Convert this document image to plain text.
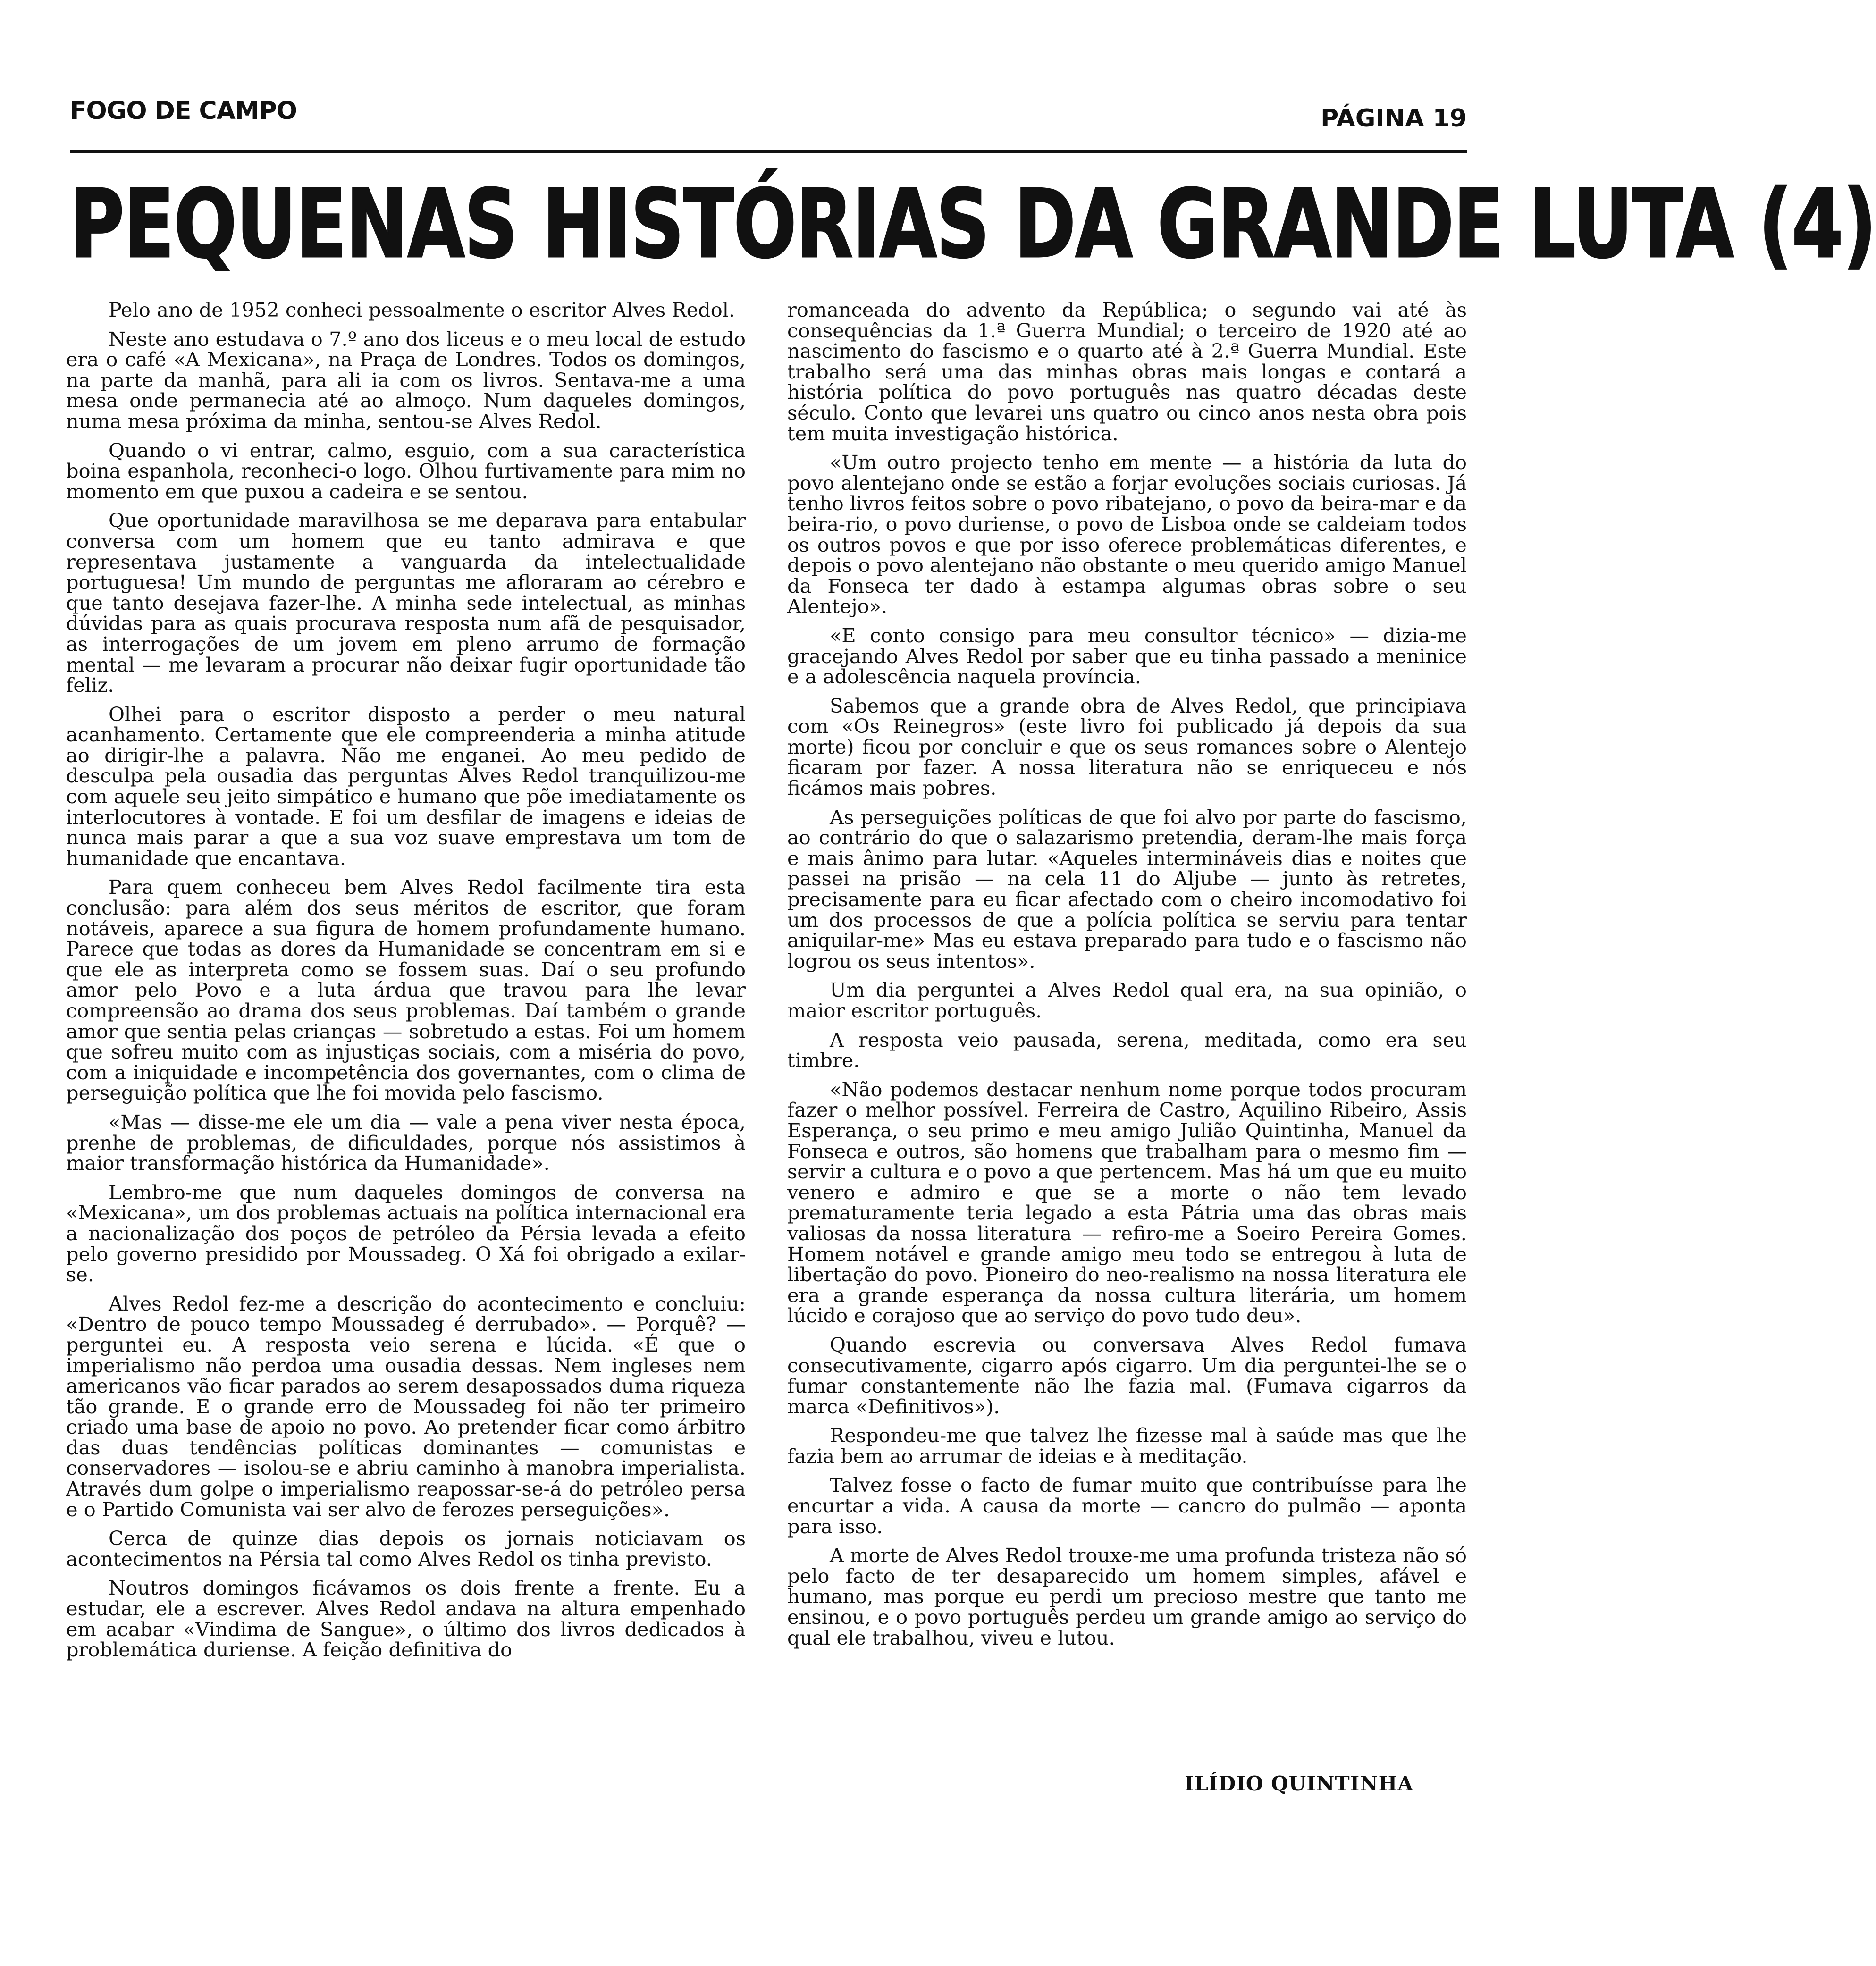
FOGO DE CAMPO	PÁGINA 19
PEQUENAS HISTÓRIAS DA GRANDE LUTA (4)

Pelo ano de 1952 conheci pessoalmente o escritor Alves Redol.

Neste ano estudava o 7.º ano dos liceus e o meu local de estudo era o café «A Mexicana», na Praça de Londres. Todos os domingos, na parte da manhã, para ali ia com os livros. Sentava-me a uma mesa onde permanecia até ao almoço. Num daqueles domingos, numa mesa próxima da minha, sentou-se Alves Redol.

Quando o vi entrar, calmo, esguio, com a sua característica boina espanhola, reconheci-o logo. Olhou furtivamente para mim no momento em que puxou a cadeira e se sentou.

Que oportunidade maravilhosa se me deparava para entabular conversa com um homem que eu tanto admirava e que representava justamente a vanguarda da intelectualidade portuguesa! Um mundo de perguntas me afloraram ao cérebro e que tanto desejava fazer-lhe. A minha sede intelectual, as minhas dúvidas para as quais procurava resposta num afã de pesquisador, as interrogações de um jovem em pleno arrumo de formação mental — me levaram a procurar não deixar fugir oportunidade tão feliz.

Olhei para o escritor disposto a perder o meu natural acanhamento. Certamente que ele compreenderia a minha atitude ao dirigir-lhe a palavra. Não me enganei. Ao meu pedido de desculpa pela ousadia das perguntas Alves Redol tranquilizou-me com aquele seu jeito simpático e humano que põe imediatamente os interlocutores à vontade. E foi um desfilar de imagens e ideias de nunca mais parar a que a sua voz suave emprestava um tom de humanidade que encantava.

Para quem conheceu bem Alves Redol facilmente tira esta conclusão: para além dos seus méritos de escritor, que foram notáveis, aparece a sua figura de homem profundamente humano. Parece que todas as dores da Humanidade se concentram em si e que ele as interpreta como se fossem suas. Daí o seu profundo amor pelo Povo e a luta árdua que travou para lhe levar compreensão ao drama dos seus problemas. Daí também o grande amor que sentia pelas crianças — sobretudo a estas. Foi um homem que sofreu muito com as injustiças sociais, com a miséria do povo, com a iniquidade e incompetência dos governantes, com o clima de perseguição política que lhe foi movida pelo fascismo.

«Mas — disse-me ele um dia — vale a pena viver nesta época, prenhe de problemas, de dificuldades, porque nós assistimos à maior transformação histórica da Humanidade».

Lembro-me que num daqueles domingos de conversa na «Mexicana», um dos problemas actuais na política internacional era a nacionalização dos poços de petróleo da Pérsia levada a efeito pelo governo presidido por Moussadeg. O Xá foi obrigado a exilar-se.

Alves Redol fez-me a descrição do acontecimento e concluiu: «Dentro de pouco tempo Moussadeg é derrubado». — Porquê? — perguntei eu. A resposta veio serena e lúcida. «É que o imperialismo não perdoa uma ousadia dessas. Nem ingleses nem americanos vão ficar parados ao serem desapossados duma riqueza tão grande. E o grande erro de Moussadeg foi não ter primeiro criado uma base de apoio no povo. Ao pretender ficar como árbitro das duas tendências políticas dominantes — comunistas e conservadores — isolou-se e abriu caminho à manobra imperialista. Através dum golpe o imperialismo reapossar-se-á do petróleo persa e o Partido Comunista vai ser alvo de ferozes perseguições».

Cerca de quinze dias depois os jornais noticiavam os acontecimentos na Pérsia tal como Alves Redol os tinha previsto.

Noutros domingos ficávamos os dois frente a frente. Eu a estudar, ele a escrever. Alves Redol andava na altura empenhado em acabar «Vindima de Sangue», o último dos livros dedicados à problemática duriense. A feição definitiva do

romanceada do advento da República; o segundo vai até às consequências da 1.ª Guerra Mundial; o terceiro de 1920 até ao nascimento do fascismo e o quarto até à 2.ª Guerra Mundial. Este trabalho será uma das minhas obras mais longas e contará a história política do povo português nas quatro décadas deste século. Conto que levarei uns quatro ou cinco anos nesta obra pois tem muita investigação histórica.

«Um outro projecto tenho em mente — a história da luta do povo alentejano onde se estão a forjar evoluções sociais curiosas. Já tenho livros feitos sobre o povo ribatejano, o povo da beira-mar e da beira-rio, o povo duriense, o povo de Lisboa onde se caldeiam todos os outros povos e que por isso oferece problemáticas diferentes, e depois o povo alentejano não obstante o meu querido amigo Manuel da Fonseca ter dado à estampa algumas obras sobre o seu Alentejo».

«E conto consigo para meu consultor técnico» — dizia-me gracejando Alves Redol por saber que eu tinha passado a meninice e a adolescência naquela província.

Sabemos que a grande obra de Alves Redol, que principiava com «Os Reinegros» (este livro foi publicado já depois da sua morte) ficou por concluir e que os seus romances sobre o Alentejo ficaram por fazer. A nossa literatura não se enriqueceu e nós ficámos mais pobres.

As perseguições políticas de que foi alvo por parte do fascismo, ao contrário do que o salazarismo pretendia, deram-lhe mais força e mais ânimo para lutar. «Aqueles intermináveis dias e noites que passei na prisão — na cela 11 do Aljube — junto às retretes, precisamente para eu ficar afectado com o cheiro incomodativo foi um dos processos de que a polícia política se serviu para tentar aniquilar-me» Mas eu estava preparado para tudo e o fascismo não logrou os seus intentos».

Um dia perguntei a Alves Redol qual era, na sua opinião, o maior escritor português.

A resposta veio pausada, serena, meditada, como era seu timbre.

«Não podemos destacar nenhum nome porque todos procuram fazer o melhor possível. Ferreira de Castro, Aquilino Ribeiro, Assis Esperança, o seu primo e meu amigo Julião Quintinha, Manuel da Fonseca e outros, são homens que trabalham para o mesmo fim — servir a cultura e o povo a que pertencem. Mas há um que eu muito venero e admiro e que se a morte o não tem levado prematuramente teria legado a esta Pátria uma das obras mais valiosas da nossa literatura — refiro-me a Soeiro Pereira Gomes. Homem notável e grande amigo meu todo se entregou à luta de libertação do povo. Pioneiro do neo-realismo na nossa literatura ele era a grande esperança da nossa cultura literária, um homem lúcido e corajoso que ao serviço do povo tudo deu».

Quando escrevia ou conversava Alves Redol fumava consecutivamente, cigarro após cigarro. Um dia perguntei-lhe se o fumar constantemente não lhe fazia mal. (Fumava cigarros da marca «Definitivos»).

Respondeu-me que talvez lhe fizesse mal à saúde mas que lhe fazia bem ao arrumar de ideias e à meditação.

Talvez fosse o facto de fumar muito que contribuísse para lhe encurtar a vida. A causa da morte — cancro do pulmão — aponta para isso.

A morte de Alves Redol trouxe-me uma profunda tristeza não só pelo facto de ter desaparecido um homem simples, afável e humano, mas porque eu perdi um precioso mestre que tanto me ensinou, e o povo português perdeu um grande amigo ao serviço do qual ele trabalhou, viveu e lutou.

ILÍDIO QUINTINHA
